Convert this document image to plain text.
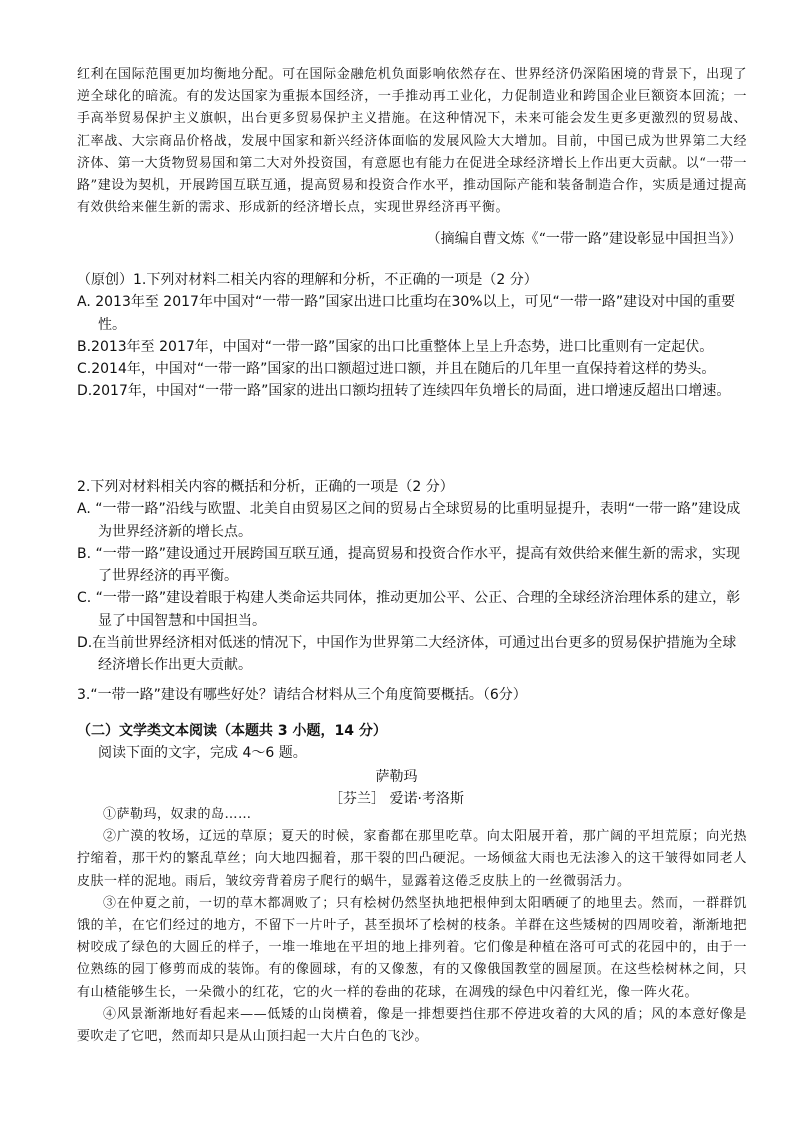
红利在国际范围更加均衡地分配。可在国际金融危机负面影响依然存在、世界经济仍深陷困境的背景下，出现了逆全球化的暗流。有的发达国家为重振本国经济，一手推动再工业化，力促制造业和跨国企业巨额资本回流；一手高举贸易保护主义旗帜，出台更多贸易保护主义措施。在这种情况下，未来可能会发生更多更激烈的贸易战、汇率战、大宗商品价格战，发展中国家和新兴经济体面临的发展风险大大增加。目前，中国已成为世界第二大经济体、第一大货物贸易国和第二大对外投资国，有意愿也有能力在促进全球经济增长上作出更大贡献。以“一带一路”建设为契机，开展跨国互联互通，提高贸易和投资合作水平，推动国际产能和装备制造合作，实质是通过提高有效供给来催生新的需求、形成新的经济增长点，实现世界经济再平衡。

（摘编自曹文炼《“一带一路”建设彰显中国担当》）

（原创）1.下列对材料二相关内容的理解和分析，不正确的一项是（2 分）

A. 2013年至 2017年中国对“一带一路”国家出进口比重均在30%以上，可见“一带一路”建设对中国的重要性。

B.2013年至 2017年，中国对“一带一路”国家的出口比重整体上呈上升态势，进口比重则有一定起伏。

C.2014年，中国对“一带一路”国家的出口额超过进口额，并且在随后的几年里一直保持着这样的势头。

D.2017年，中国对“一带一路”国家的进出口额均扭转了连续四年负增长的局面，进口增速反超出口增速。

2.下列对材料相关内容的概括和分析，正确的一项是（2 分）

A. “一带一路”沿线与欧盟、北美自由贸易区之间的贸易占全球贸易的比重明显提升，表明“一带一路”建设成为世界经济新的增长点。

B. “一带一路”建设通过开展跨国互联互通，提高贸易和投资合作水平，提高有效供给来催生新的需求，实现了世界经济的再平衡。

C. “一带一路”建设着眼于构建人类命运共同体，推动更加公平、公正、合理的全球经济治理体系的建立，彰显了中国智慧和中国担当。

D.在当前世界经济相对低迷的情况下，中国作为世界第二大经济体，可通过出台更多的贸易保护措施为全球经济增长作出更大贡献。

3.“一带一路”建设有哪些好处？请结合材料从三个角度简要概括。（6分）

（二）文学类文本阅读（本题共 3 小题，14 分）
阅读下面的文字，完成 4～6 题。
萨勒玛
［芬兰］ 爱诺·考洛斯

①萨勒玛，奴隶的岛……

②广漠的牧场，辽远的草原；夏天的时候，家畜都在那里吃草。向太阳展开着，那广阔的平坦荒原；向光热拧缩着，那干灼的繁乱草丝；向大地四掘着，那干裂的凹凸硬泥。一场倾盆大雨也无法渗入的这干皱得如同老人皮肤一样的泥地。雨后，皱纹旁背着房子爬行的蜗牛，显露着这倦乏皮肤上的一丝微弱活力。

③在仲夏之前，一切的草木都凋败了；只有桧树仍然坚执地把根伸到太阳晒硬了的地里去。然而，一群群饥饿的羊，在它们经过的地方，不留下一片叶子，甚至损坏了桧树的枝条。羊群在这些矮树的四周咬着，渐渐地把树咬成了绿色的大圆丘的样子，一堆一堆地在平坦的地上排列着。它们像是种植在洛可可式的花园中的，由于一位熟练的园丁修剪而成的装饰。有的像圆球，有的又像葱，有的又像俄国教堂的圆屋顶。在这些桧树林之间，只有山楂能够生长，一朵微小的红花，它的火一样的卷曲的花球，在凋残的绿色中闪着红光，像一阵火花。

④风景渐渐地好看起来——低矮的山岗横着，像是一排想要挡住那不停进攻着的大风的盾；风的本意好像是要吹走了它吧，然而却只是从山顶扫起一大片白色的飞沙。
